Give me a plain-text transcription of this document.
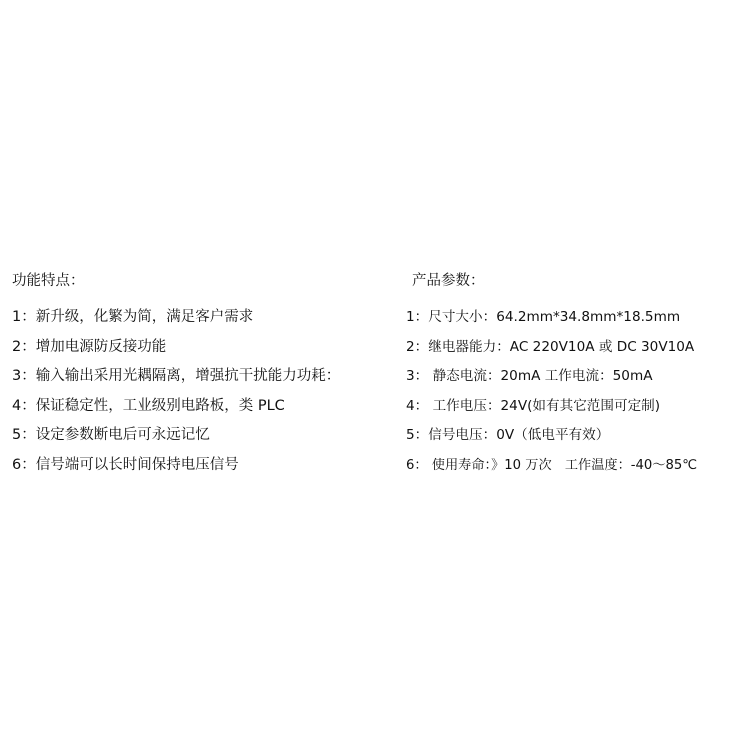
功能特点：
1：新升级，化繁为简，满足客户需求
2：增加电源防反接功能
3：输入输出采用光耦隔离，增强抗干扰能力功耗：
4：保证稳定性，工业级别电路板，类 PLC
5：设定参数断电后可永远记忆
6：信号端可以长时间保持电压信号
产品参数：
1：尺寸大小：64.2mm*34.8mm*18.5mm
2：继电器能力：AC 220V10A 或 DC 30V10A
3： 静态电流：20mA 工作电流：50mA
4： 工作电压：24V(如有其它范围可定制)
5：信号电压：0V（低电平有效）
6： 使用寿命：》10 万次　工作温度：-40～85℃
